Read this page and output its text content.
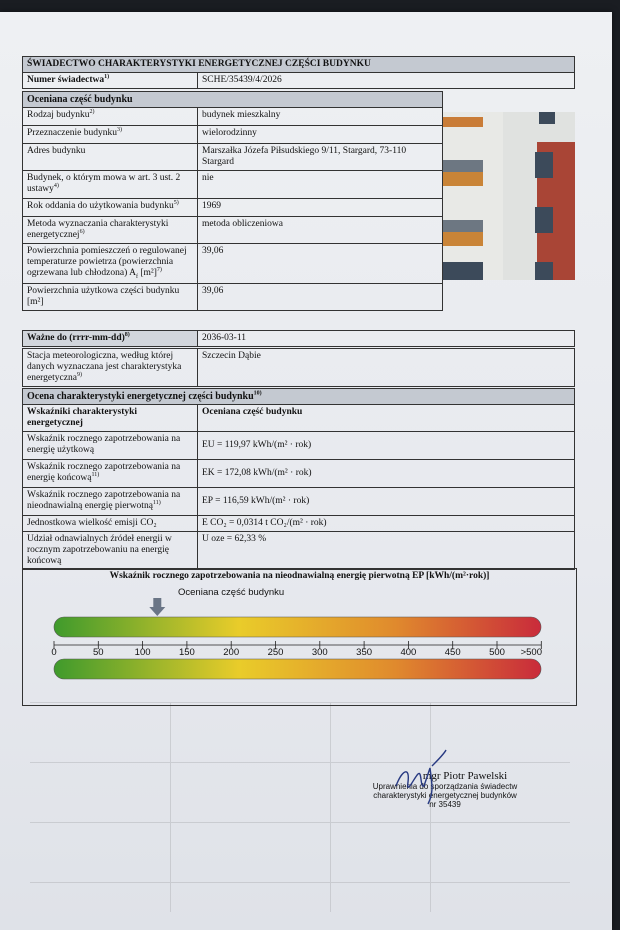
ŚWIADECTWO CHARAKTERYSTYKI ENERGETYCZNEJ CZĘŚCI BUDYNKU
Numer świadectwa$^{1)}$	SCHE/35439/4/2026
Oceniana część budynku	
Rodzaj budynku$^{2)}$	budynek mieszkalny
Przeznaczenie budynku$^{3)}$	wielorodzinny
Adres budynku	Marszałka Józefa Piłsudskiego 9/11, Stargard, 73-110 Stargard
Budynek, o którym mowa w art. 3 ust. 2 ustawy$^{4)}$	nie
Rok oddania do użytkowania budynku$^{5)}$	1969
Metoda wyznaczania charakterystyki energetycznej$^{6)}$	metoda obliczeniowa
Powierzchnia pomieszczeń o regulowanej temperaturze powietrza (powierzchnia ogrzewana lub chłodzona) $A_f$ $[m^2]^{7)}$	39,06
Powierzchnia użytkowa części budynku [m²]	39,06
Ważne do (rrrr-mm-dd)$^{8)}$	2036-03-11
Stacja meteorologiczna, według której danych wyznaczana jest charakterystyka energetyczna$^{9)}$	Szczecin Dąbie
Ocena charakterystyki energetycznej części budynku$^{10)}$
Wskaźniki charakterystyki energetycznej	Oceniana część budynku
Wskaźnik rocznego zapotrzebowania na energię użytkową	EU = 119,97 kWh/(m² · rok)
Wskaźnik rocznego zapotrzebowania na energię końcową$^{11)}$	EK = 172,08 kWh/(m² · rok)
Wskaźnik rocznego zapotrzebowania na nieodnawialną energię pierwotną$^{11)}$	EP = 116,59 kWh/(m² · rok)
Jednostkowa wielkość emisji CO₂	E CO₂ = 0,0314 t CO₂/(m² · rok)
Udział odnawialnych źródeł energii w rocznym zapotrzebowaniu na energię końcową	U oze = 62,33 %
Wskaźnik rocznego zapotrzebowania na nieodnawialną energię pierwotną EP [kWh/(m²·rok)]
Oceniana część budynku
0	50	100	150	200	250	300	350	400	450	500 >500
mgr Piotr Pawelski
Uprawnienia do sporządzania świadectw
charakterystyki energetycznej budynków
nr 35439
